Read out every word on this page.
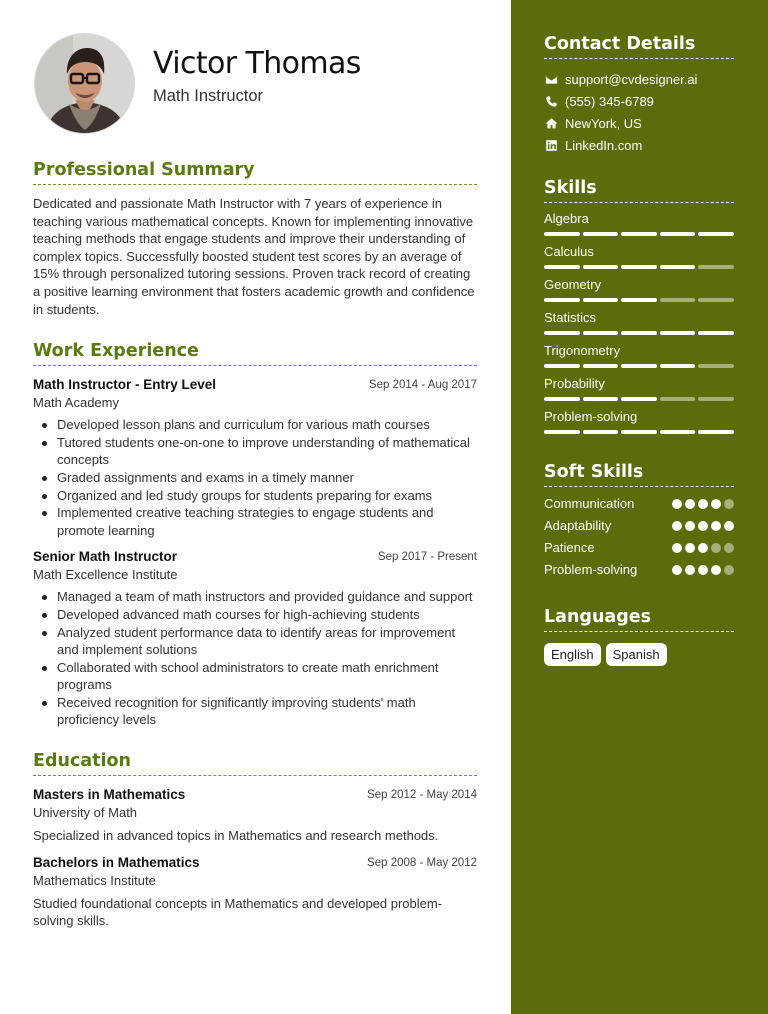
Victor Thomas
Math Instructor
Professional Summary

Dedicated and passionate Math Instructor with 7 years of experience in teaching various mathematical concepts. Known for implementing innovative teaching methods that engage students and improve their understanding of complex topics. Successfully boosted student test scores by an average of 15% through personalized tutoring sessions. Proven track record of creating a positive learning environment that fosters academic growth and confidence in students.

Work Experience
Math Instructor - Entry Level	Sep 2014 - Aug 2017
Math Academy
Developed lesson plans and curriculum for various math courses
Tutored students one-on-one to improve understanding of mathematical concepts
Graded assignments and exams in a timely manner
Organized and led study groups for students preparing for exams
Implemented creative teaching strategies to engage students and promote learning
Senior Math Instructor	Sep 2017 - Present
Math Excellence Institute
Managed a team of math instructors and provided guidance and support
Developed advanced math courses for high-achieving students
Analyzed student performance data to identify areas for improvement and implement solutions
Collaborated with school administrators to create math enrichment programs
Received recognition for significantly improving students' math proficiency levels
Education
Masters in Mathematics	Sep 2012 - May 2014
University of Math

Specialized in advanced topics in Mathematics and research methods.

Bachelors in Mathematics	Sep 2008 - May 2012
Mathematics Institute

Studied foundational concepts in Mathematics and developed problem-solving skills.

Contact Details
support@cvdesigner.ai
(555) 345-6789
NewYork, US
LinkedIn.com
Skills
Algebra
Calculus
Geometry
Statistics
Trigonometry
Probability
Problem-solving
Soft Skills
Communication
Adaptability
Patience
Problem-solving
Languages
English	Spanish
